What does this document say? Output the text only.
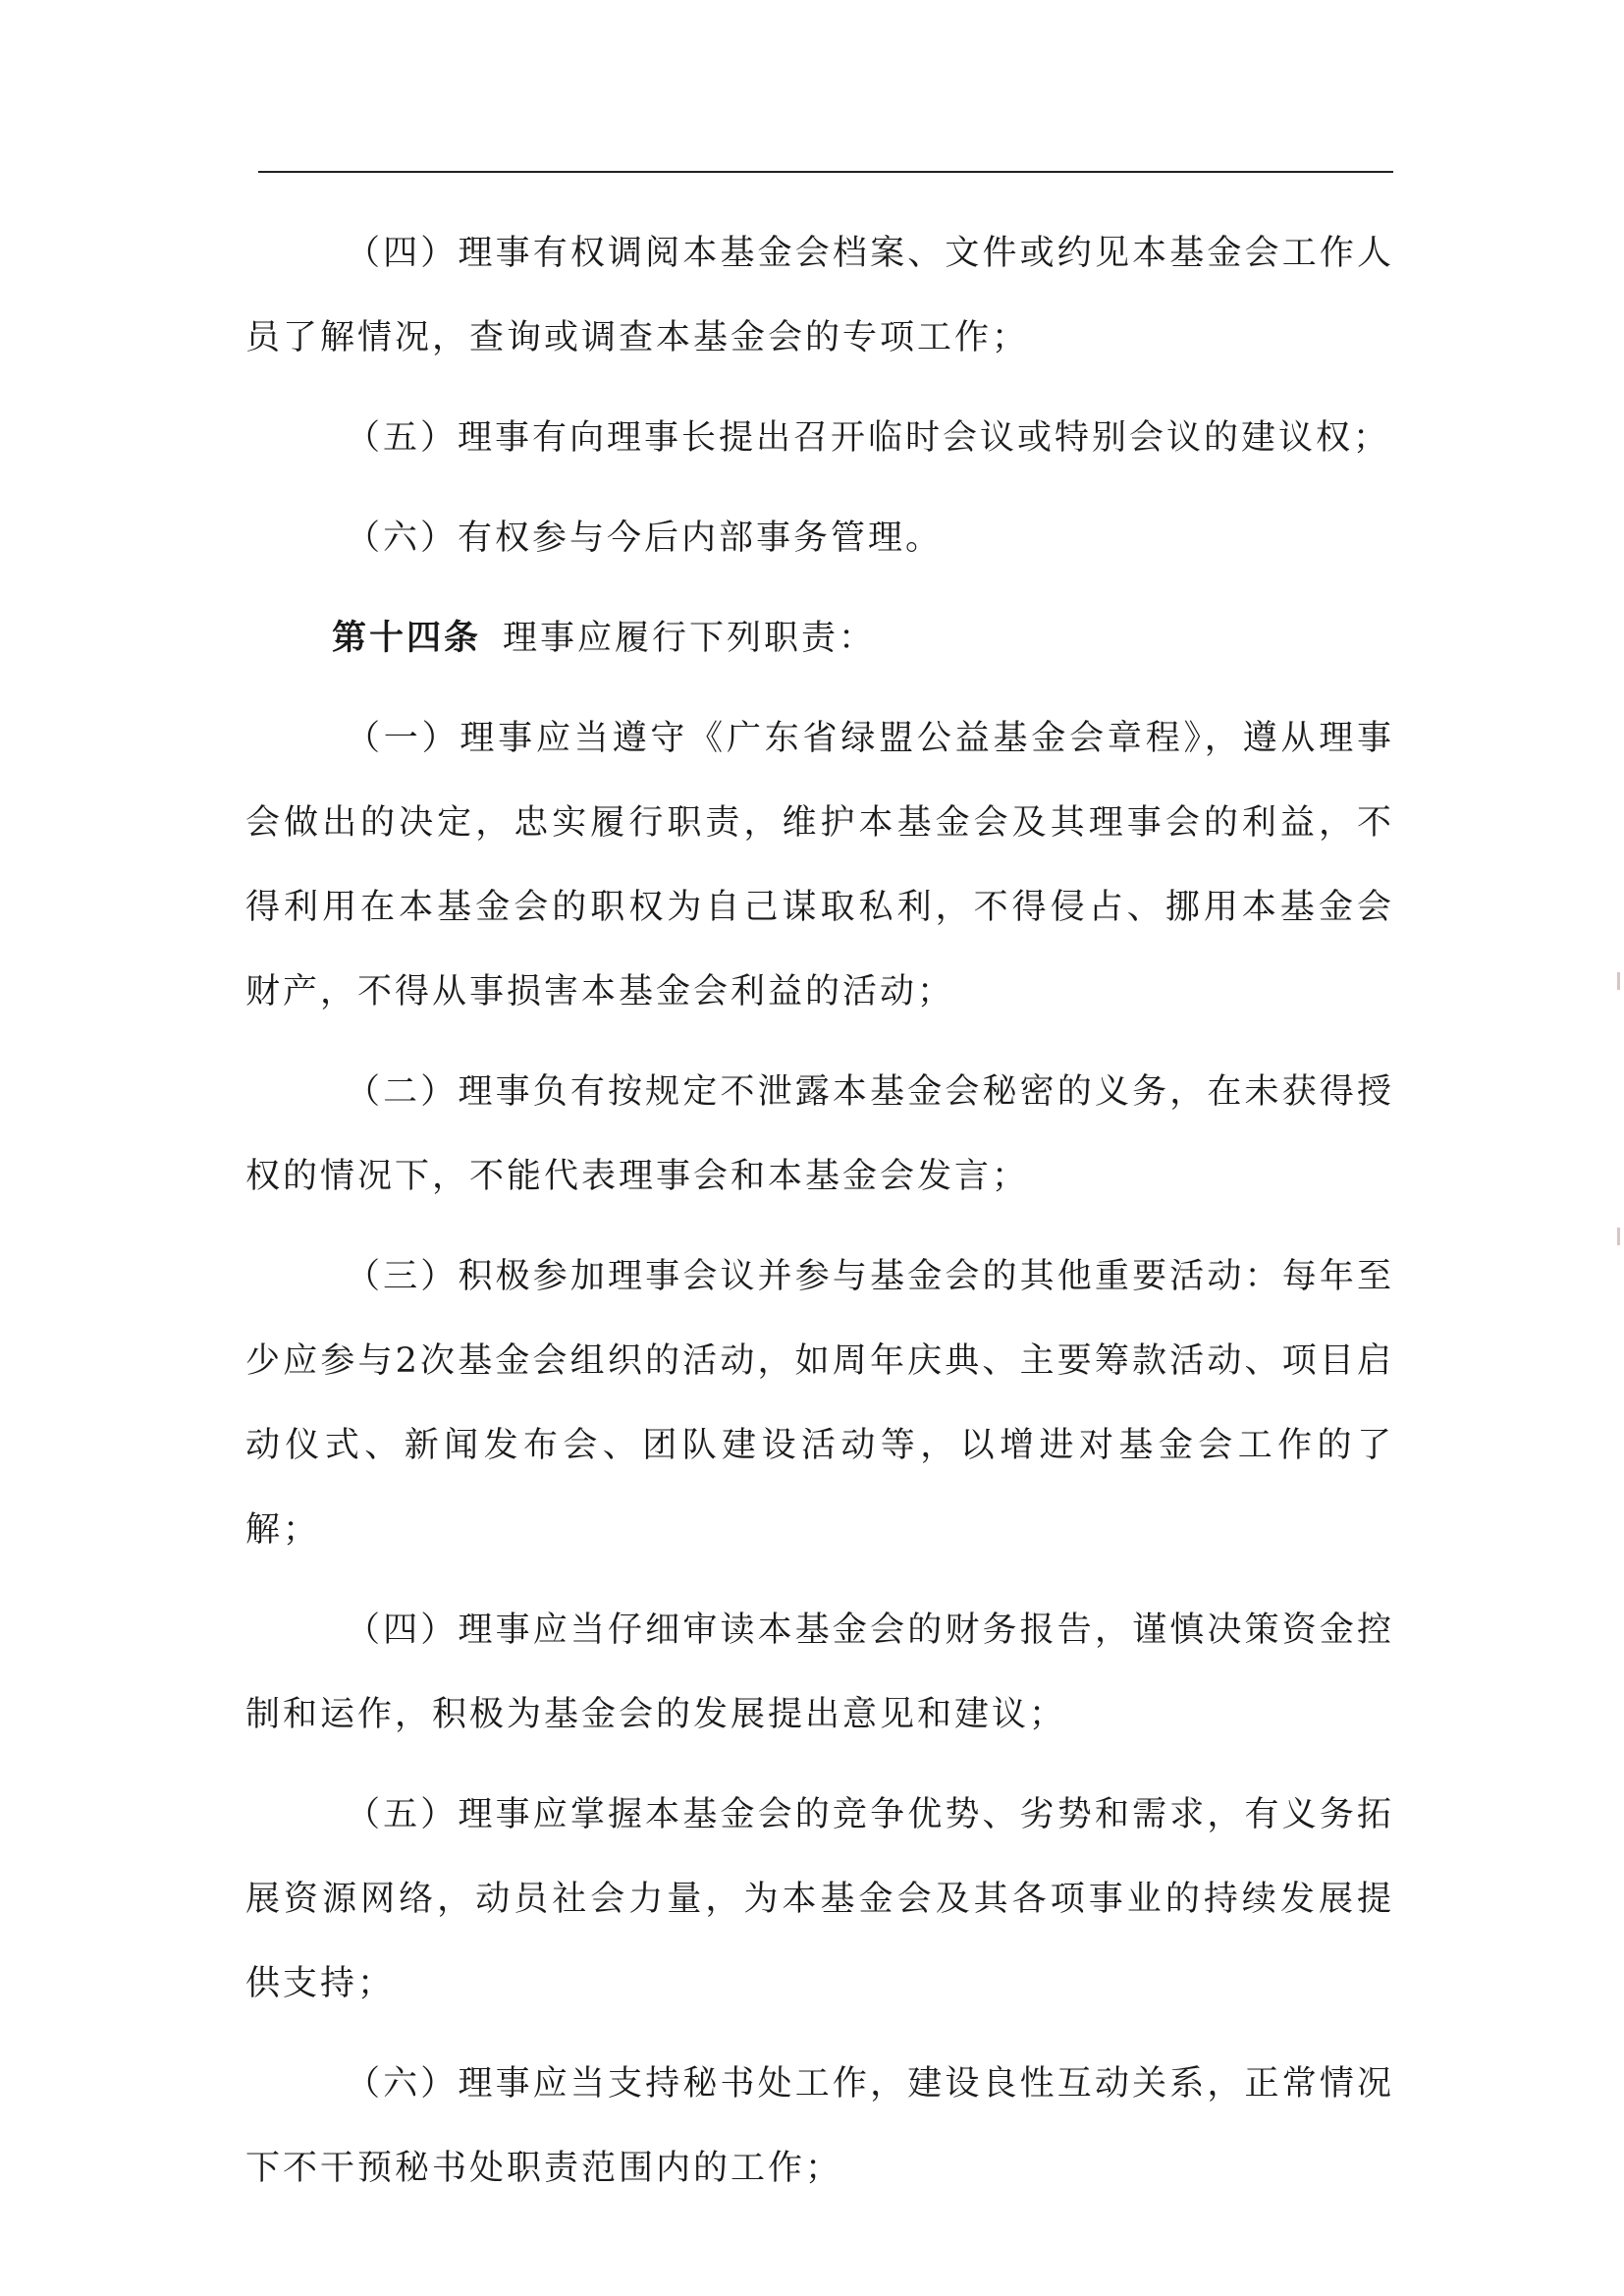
（四）理事有权调阅本基金会档案、文件或约见本基金会工作人员了解情况，查询或调查本基金会的专项工作；

（五）理事有向理事长提出召开临时会议或特别会议的建议权；

（六）有权参与今后内部事务管理。

第十四条 理事应履行下列职责：

（一）理事应当遵守《广东省绿盟公益基金会章程》，遵从理事会做出的决定，忠实履行职责，维护本基金会及其理事会的利益，不得利用在本基金会的职权为自己谋取私利，不得侵占、挪用本基金会财产，不得从事损害本基金会利益的活动；

（二）理事负有按规定不泄露本基金会秘密的义务，在未获得授权的情况下，不能代表理事会和本基金会发言；

（三）积极参加理事会议并参与基金会的其他重要活动：每年至少应参与2次基金会组织的活动，如周年庆典、主要筹款活动、项目启动仪式、新闻发布会、团队建设活动等，以增进对基金会工作的了解；

（四）理事应当仔细审读本基金会的财务报告，谨慎决策资金控制和运作，积极为基金会的发展提出意见和建议；

（五）理事应掌握本基金会的竞争优势、劣势和需求，有义务拓展资源网络，动员社会力量，为本基金会及其各项事业的持续发展提供支持；

（六）理事应当支持秘书处工作，建设良性互动关系，正常情况下不干预秘书处职责范围内的工作；
